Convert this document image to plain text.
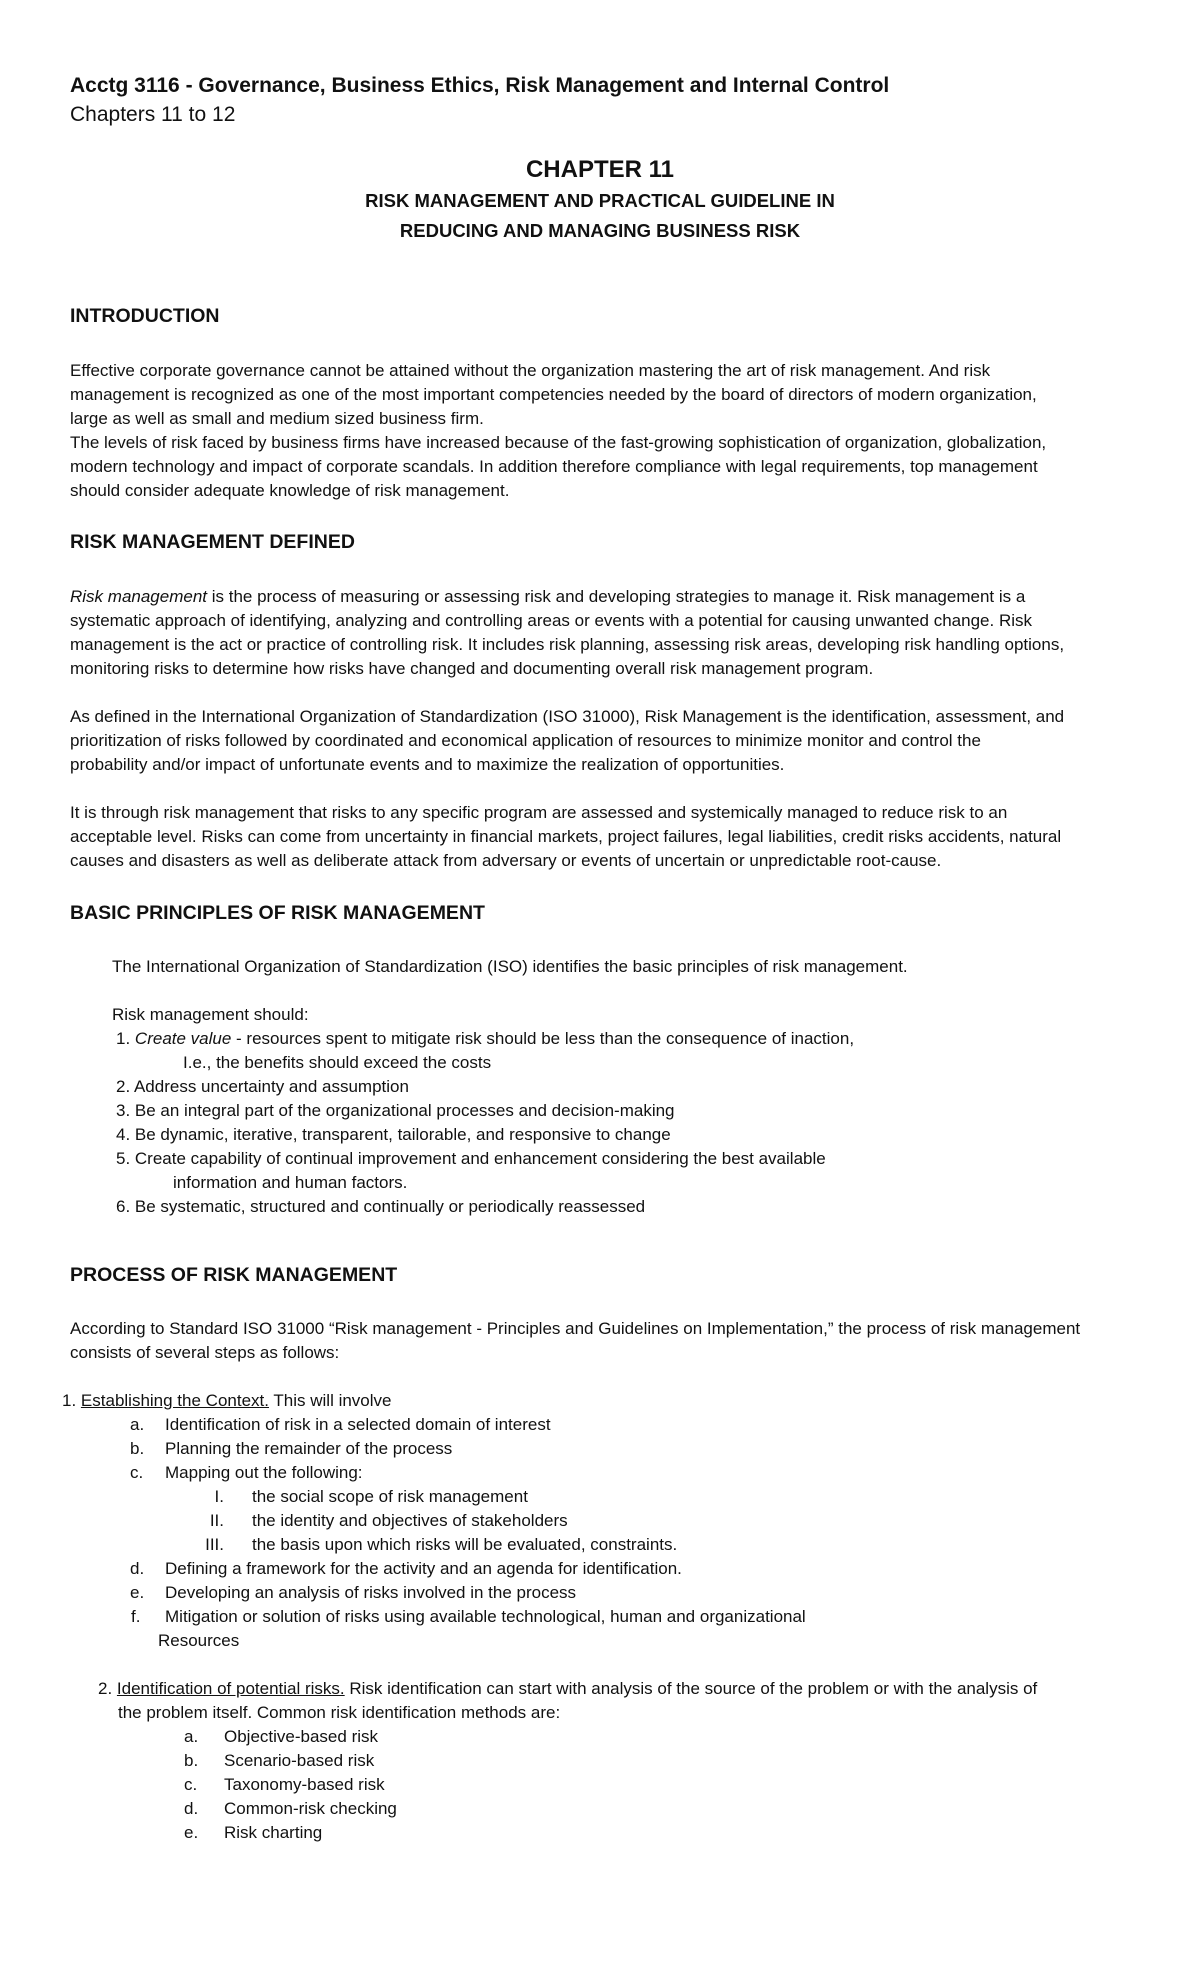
Acctg 3116 - Governance, Business Ethics, Risk Management and Internal Control
Chapters 11 to 12
CHAPTER 11
RISK MANAGEMENT AND PRACTICAL GUIDELINE IN
REDUCING AND MANAGING BUSINESS RISK
INTRODUCTION
Effective corporate governance cannot be attained without the organization mastering the art of risk management. And risk
management is recognized as one of the most important competencies needed by the board of directors of modern organization,
large as well as small and medium sized business firm.
The levels of risk faced by business firms have increased because of the fast-growing sophistication of organization, globalization,
modern technology and impact of corporate scandals. In addition therefore compliance with legal requirements, top management
should consider adequate knowledge of risk management.
RISK MANAGEMENT DEFINED
Risk management is the process of measuring or assessing risk and developing strategies to manage it. Risk management is a
systematic approach of identifying, analyzing and controlling areas or events with a potential for causing unwanted change. Risk
management is the act or practice of controlling risk. It includes risk planning, assessing risk areas, developing risk handling options,
monitoring risks to determine how risks have changed and documenting overall risk management program.
As defined in the International Organization of Standardization (ISO 31000), Risk Management is the identification, assessment, and
prioritization of risks followed by coordinated and economical application of resources to minimize monitor and control the
probability and/or impact of unfortunate events and to maximize the realization of opportunities.
It is through risk management that risks to any specific program are assessed and systemically managed to reduce risk to an
acceptable level. Risks can come from uncertainty in financial markets, project failures, legal liabilities, credit risks accidents, natural
causes and disasters as well as deliberate attack from adversary or events of uncertain or unpredictable root-cause.
BASIC PRINCIPLES OF RISK MANAGEMENT
The International Organization of Standardization (ISO) identifies the basic principles of risk management.
Risk management should:
1. Create value - resources spent to mitigate risk should be less than the consequence of inaction,
I.e., the benefits should exceed the costs
2. Address uncertainty and assumption
3. Be an integral part of the organizational processes and decision-making
4. Be dynamic, iterative, transparent, tailorable, and responsive to change
5. Create capability of continual improvement and enhancement considering the best available
information and human factors.
6. Be systematic, structured and continually or periodically reassessed
PROCESS OF RISK MANAGEMENT
According to Standard ISO 31000 “Risk management - Principles and Guidelines on Implementation,” the process of risk management
consists of several steps as follows:
1. Establishing the Context. This will involve
a. Identification of risk in a selected domain of interest
b. Planning the remainder of the process
c. Mapping out the following:
I. the social scope of risk management
II. the identity and objectives of stakeholders
III. the basis upon which risks will be evaluated, constraints.
d. Defining a framework for the activity and an agenda for identification.
e. Developing an analysis of risks involved in the process
f. Mitigation or solution of risks using available technological, human and organizational
Resources
2. Identification of potential risks. Risk identification can start with analysis of the source of the problem or with the analysis of
the problem itself. Common risk identification methods are:
a. Objective-based risk
b. Scenario-based risk
c. Taxonomy-based risk
d. Common-risk checking
e. Risk charting
